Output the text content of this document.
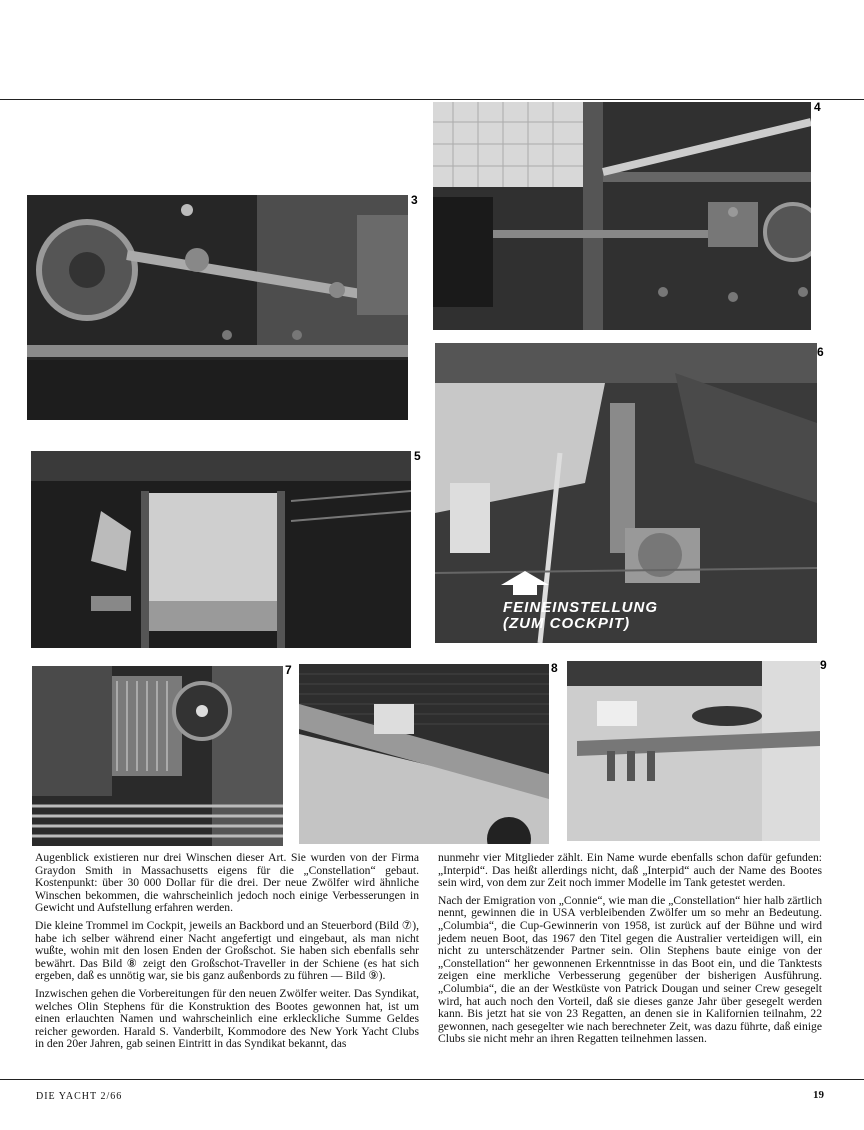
4
3
5
FEINEINSTELLUNG
(ZUM COCKPIT)
6
7	8	9

Augenblick existieren nur drei Winschen dieser Art. Sie wurden von der Firma Graydon Smith in Massachusetts eigens für die „Constellation“ gebaut. Kostenpunkt: über 30 000 Dollar für die drei. Der neue Zwölfer wird ähnliche Winschen bekommen, die wahrscheinlich jedoch noch einige Verbesserungen in Gewicht und Aufstellung erfahren werden.

Die kleine Trommel im Cockpit, jeweils an Backbord und an Steuerbord (Bild ⑦), habe ich selber während einer Nacht angefertigt und eingebaut, als man nicht wußte, wohin mit den losen Enden der Großschot. Sie haben sich ebenfalls sehr bewährt. Das Bild ⑧ zeigt den Großschot-Traveller in der Schiene (es hat sich ergeben, daß es unnötig war, sie bis ganz außenbords zu führen — Bild ⑨).

Inzwischen gehen die Vorbereitungen für den neuen Zwölfer weiter. Das Syndikat, welches Olin Stephens für die Konstruktion des Bootes gewonnen hat, ist um einen erlauchten Namen und wahrscheinlich eine erkleckliche Summe Geldes reicher geworden. Harald S. Vanderbilt, Kommodore des New York Yacht Clubs in den 20er Jahren, gab seinen Eintritt in das Syndikat bekannt, das

nunmehr vier Mitglieder zählt. Ein Name wurde ebenfalls schon dafür gefunden: „Interpid“. Das heißt allerdings nicht, daß „Interpid“ auch der Name des Bootes sein wird, von dem zur Zeit noch immer Modelle im Tank getestet werden.

Nach der Emigration von „Connie“, wie man die „Constellation“ hier halb zärtlich nennt, gewinnen die in USA verbleibenden Zwölfer um so mehr an Bedeutung. „Columbia“, die Cup-Gewinnerin von 1958, ist zurück auf der Bühne und wird jedem neuen Boot, das 1967 den Titel gegen die Australier verteidigen will, ein nicht zu unterschätzender Partner sein. Olin Stephens baute einige von der „Constellation“ her gewonnenen Erkenntnisse in das Boot ein, und die Tanktests zeigen eine merkliche Verbesserung gegenüber der bisherigen Ausführung. „Columbia“, die an der Westküste von Patrick Dougan und seiner Crew gesegelt wird, hat auch noch den Vorteil, daß sie dieses ganze Jahr über gesegelt werden kann. Bis jetzt hat sie von 23 Regatten, an denen sie in Kalifornien teilnahm, 22 gewonnen, nach gesegelter wie nach berechneter Zeit, was dazu führte, daß einige Clubs sie nicht mehr an ihren Regatten teilnehmen lassen.

DIE YACHT 2/66	19
